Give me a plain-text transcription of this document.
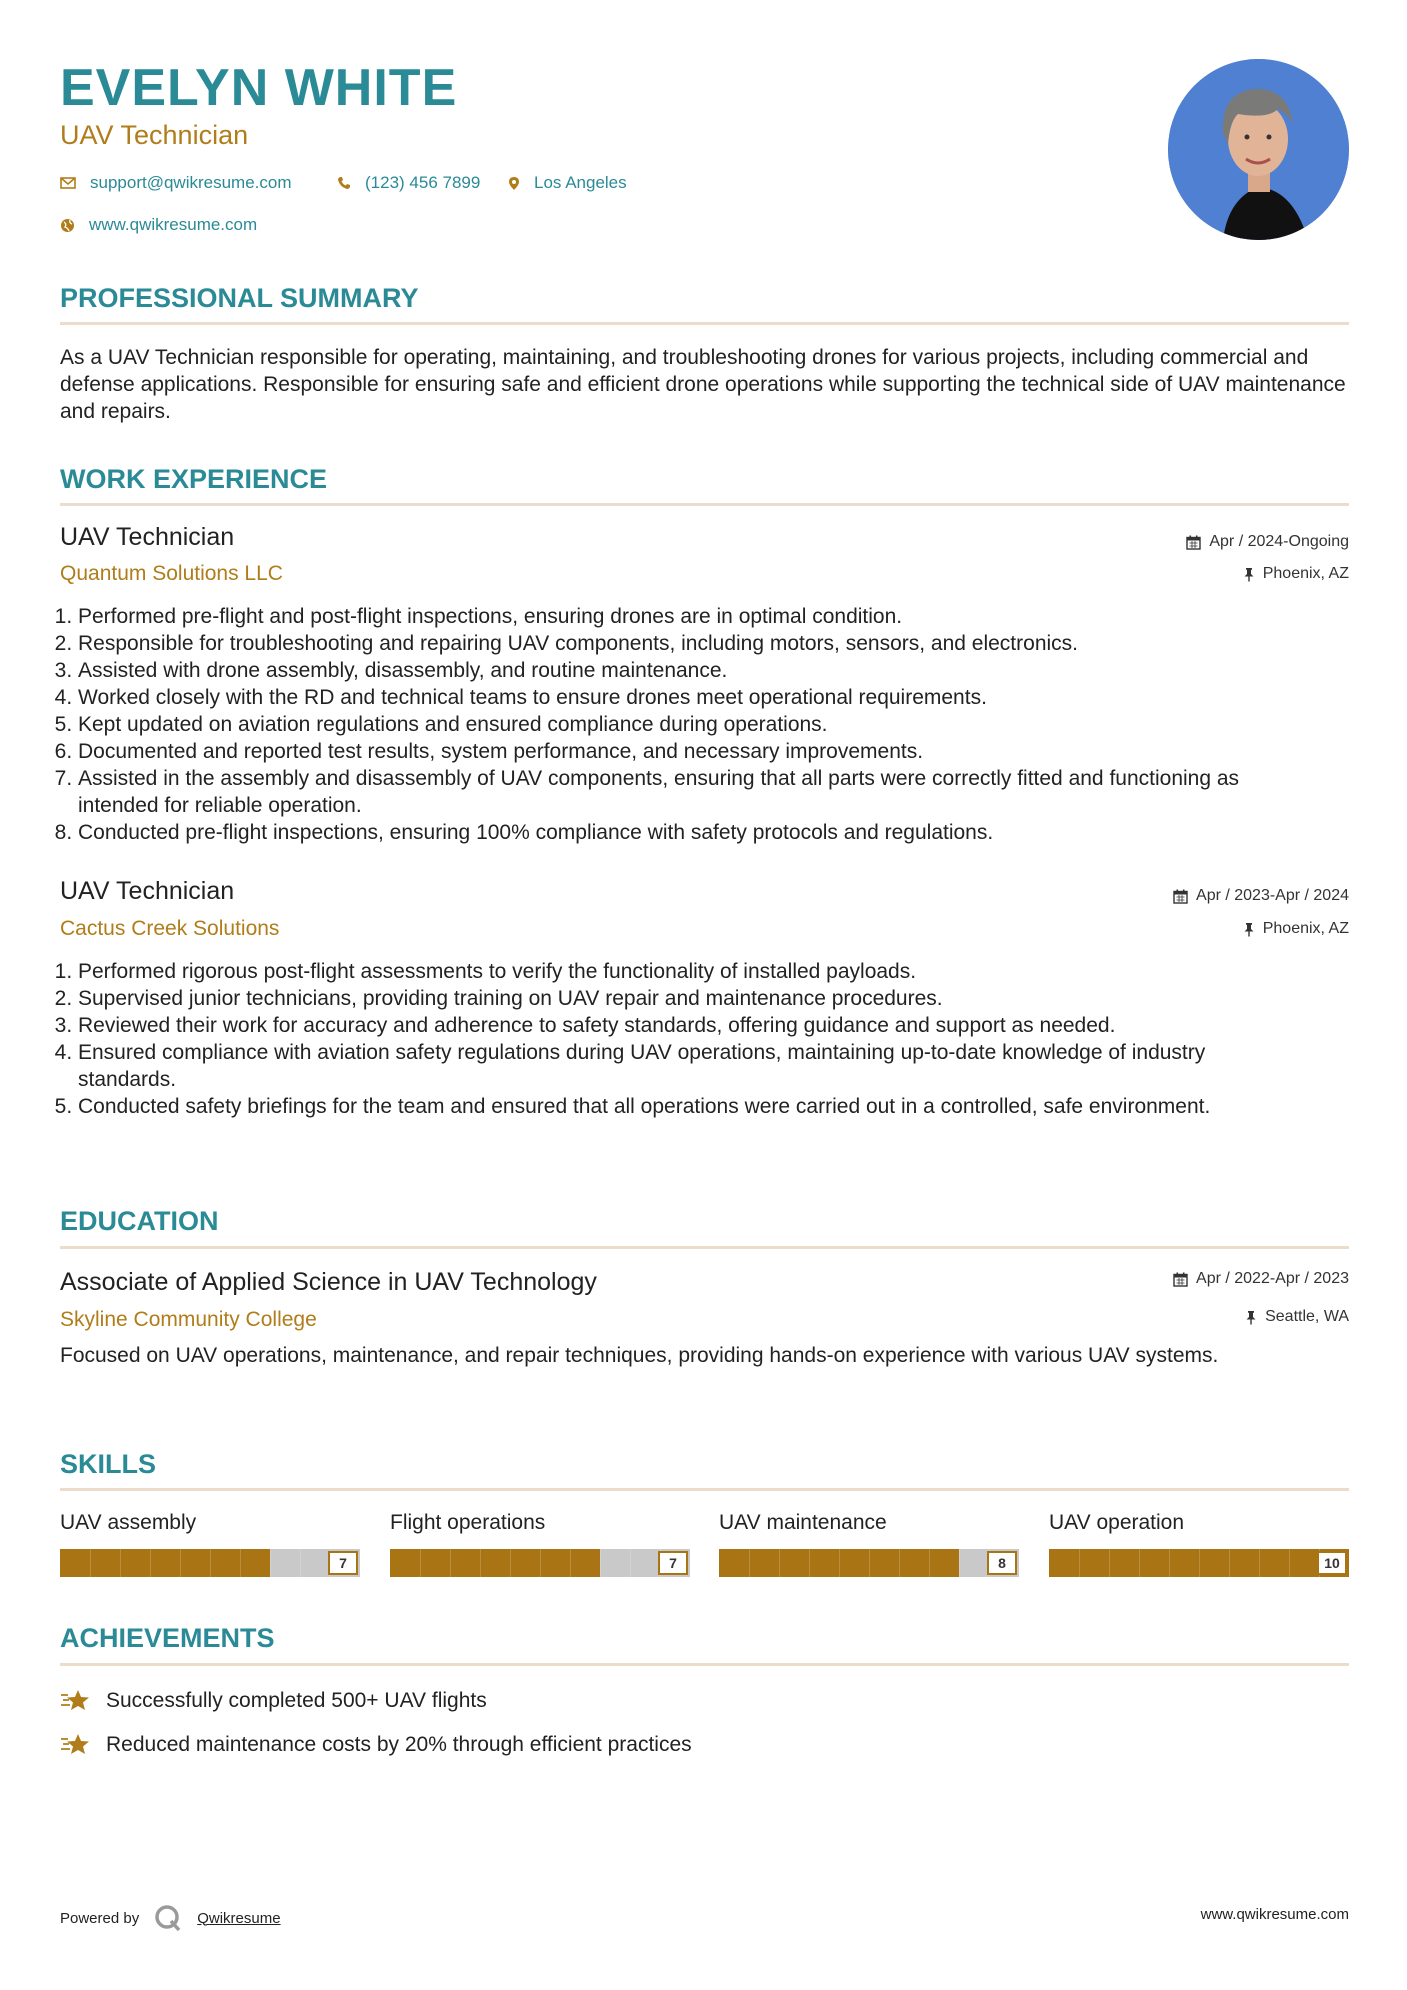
EVELYN WHITE
UAV Technician
support@qwikresume.com	(123) 456 7899	Los Angeles
www.qwikresume.com
PROFESSIONAL SUMMARY
As a UAV Technician responsible for operating, maintaining, and troubleshooting drones for various projects, including commercial and defense applications. Responsible for ensuring safe and efficient drone operations while supporting the technical side of UAV maintenance and repairs.
WORK EXPERIENCE
UAV Technician
Quantum Solutions LLC
Apr / 2024-Ongoing
Phoenix, AZ
1. Performed pre-flight and post-flight inspections, ensuring drones are in optimal condition.
2. Responsible for troubleshooting and repairing UAV components, including motors, sensors, and electronics.
3. Assisted with drone assembly, disassembly, and routine maintenance.
4. Worked closely with the RD and technical teams to ensure drones meet operational requirements.
5. Kept updated on aviation regulations and ensured compliance during operations.
6. Documented and reported test results, system performance, and necessary improvements.
7. Assisted in the assembly and disassembly of UAV components, ensuring that all parts were correctly fitted and functioning as intended for reliable operation.
8. Conducted pre-flight inspections, ensuring 100% compliance with safety protocols and regulations.
UAV Technician
Cactus Creek Solutions
Apr / 2023-Apr / 2024
Phoenix, AZ
1. Performed rigorous post-flight assessments to verify the functionality of installed payloads.
2. Supervised junior technicians, providing training on UAV repair and maintenance procedures.
3. Reviewed their work for accuracy and adherence to safety standards, offering guidance and support as needed.
4. Ensured compliance with aviation safety regulations during UAV operations, maintaining up-to-date knowledge of industry standards.
5. Conducted safety briefings for the team and ensured that all operations were carried out in a controlled, safe environment.
EDUCATION
Associate of Applied Science in UAV Technology
Skyline Community College
Apr / 2022-Apr / 2023
Seattle, WA
Focused on UAV operations, maintenance, and repair techniques, providing hands-on experience with various UAV systems.
SKILLS
UAV assembly
7
Flight operations
7
UAV maintenance
8
UAV operation
10
ACHIEVEMENTS
Successfully completed 500+ UAV flights
Reduced maintenance costs by 20% through efficient practices
Powered by	Qwikresume	www.qwikresume.com
